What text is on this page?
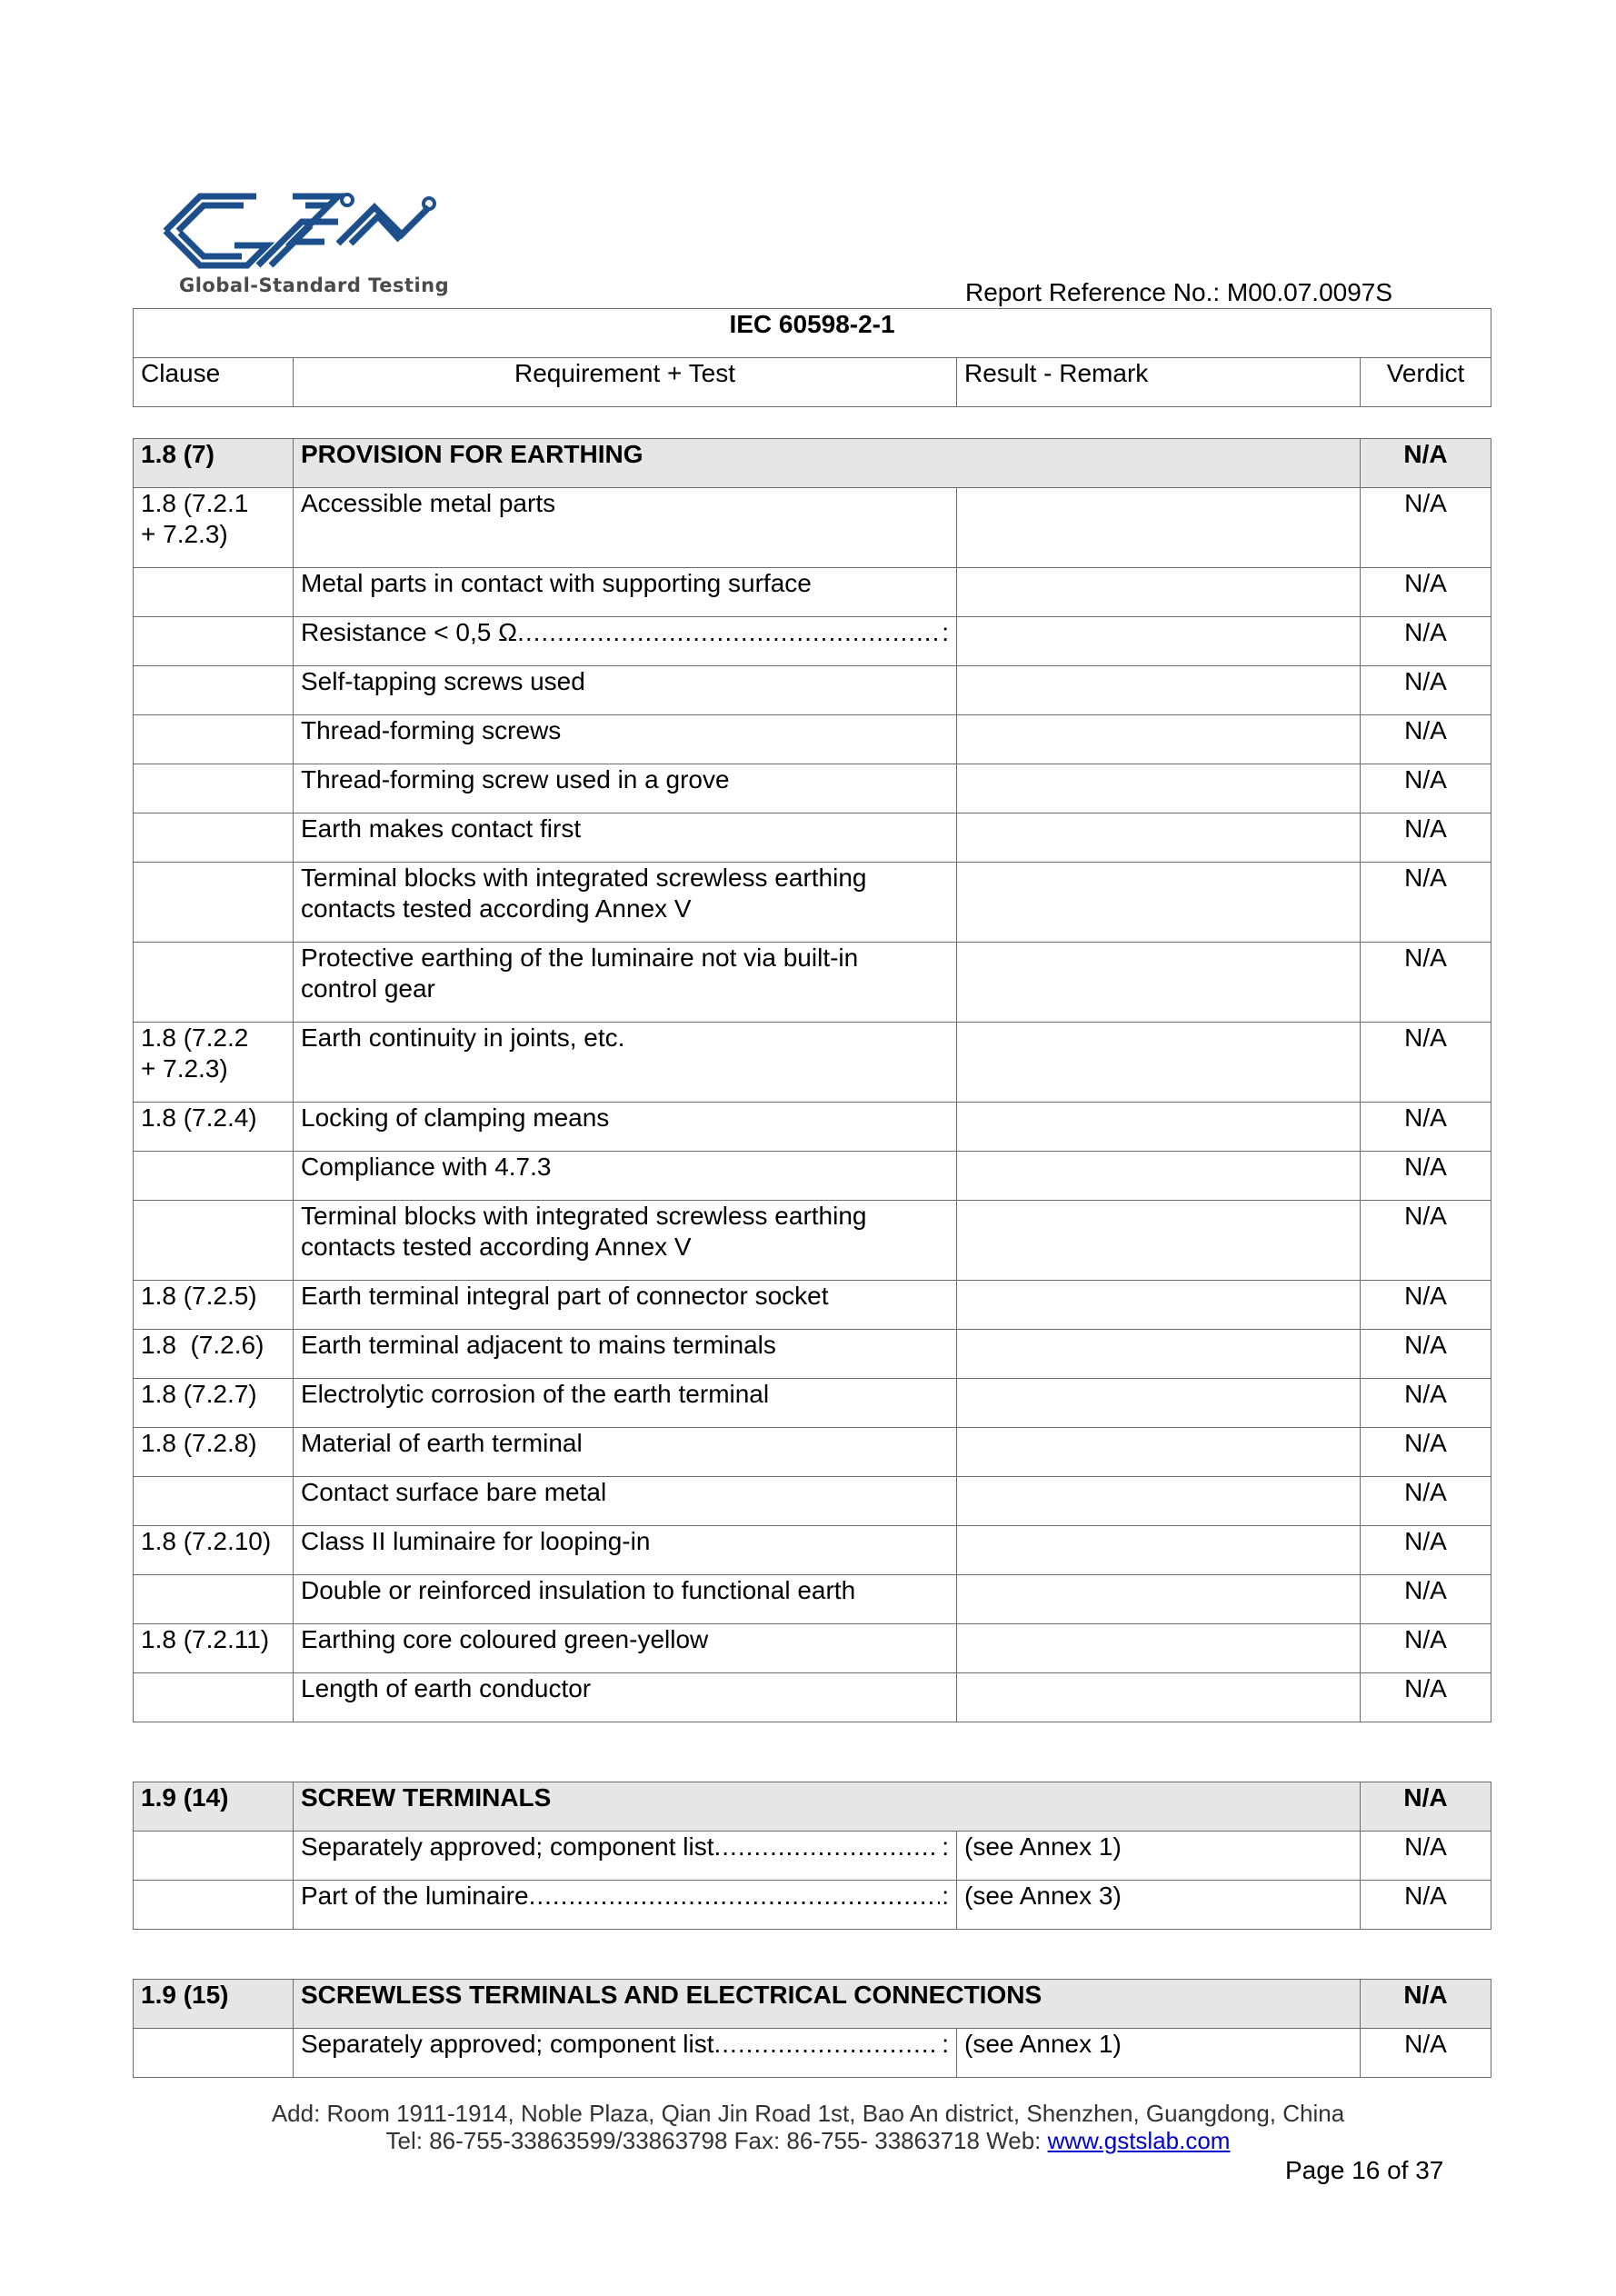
Global-Standard Testing	Report Reference No.: M00.07.0097S
IEC 60598-2-1
Clause	Requirement + Test	Result - Remark	Verdict
1.8 (7)	PROVISION FOR EARTHING		N/A

1.8 (7.2.1
+ 7.2.3)	Accessible metal parts		N/A

	Metal parts in contact with supporting surface		N/A

	Resistance < 0,5 Ω ..... :		N/A

	Self-tapping screws used		N/A

	Thread-forming screws		N/A

	Thread-forming screw used in a grove		N/A

	Earth makes contact first		N/A

	Terminal blocks with integrated screwless earthing
contacts tested according Annex V		N/A

	Protective earthing of the luminaire not via built-in
control gear		N/A

1.8 (7.2.2
+ 7.2.3)	Earth continuity in joints, etc.		N/A

1.8 (7.2.4)	Locking of clamping means		N/A

	Compliance with 4.7.3		N/A

	Terminal blocks with integrated screwless earthing
contacts tested according Annex V		N/A

1.8 (7.2.5)	Earth terminal integral part of connector socket		N/A

1.8  (7.2.6)	Earth terminal adjacent to mains terminals		N/A

1.8 (7.2.7)	Electrolytic corrosion of the earth terminal		N/A

1.8 (7.2.8)	Material of earth terminal		N/A

	Contact surface bare metal		N/A

1.8 (7.2.10)	Class II luminaire for looping-in		N/A

	Double or reinforced insulation to functional earth		N/A

1.8 (7.2.11)	Earthing core coloured green-yellow		N/A

	Length of earth conductor		N/A
1.9 (14)	SCREW TERMINALS		N/A

	Separately approved; component list ..... :	(see Annex 1)	N/A

	Part of the luminaire ..... :	(see Annex 3)	N/A
1.9 (15)	SCREWLESS TERMINALS AND ELECTRICAL CONNECTIONS		N/A

	Separately approved; component list ..... :	(see Annex 1)	N/A
Add: Room 1911-1914, Noble Plaza, Qian Jin Road 1st, Bao An district, Shenzhen, Guangdong, China
Tel: 86-755-33863599/33863798 Fax: 86-755- 33863718 Web: www.gstslab.com
Page 16 of 37
